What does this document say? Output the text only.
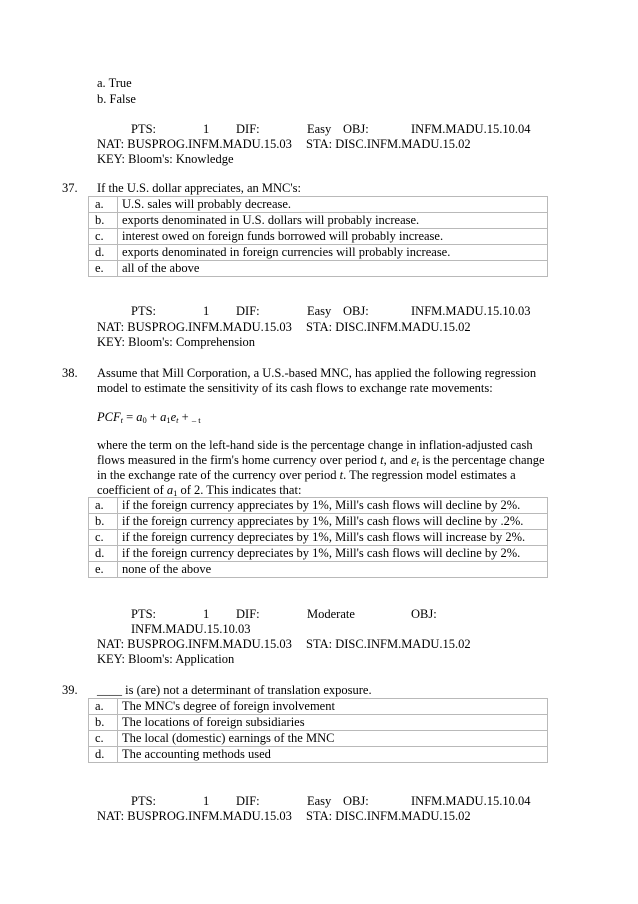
a. True
b. False
PTS:	1 DIF:	Easy OBJ:	INFM.MADU.15.10.04
NAT: BUSPROG.INFM.MADU.15.03 STA: DISC.INFM.MADU.15.02
KEY: Bloom's: Knowledge
37. If the U.S. dollar appreciates, an MNC's:
a.	U.S. sales will probably decrease.
b.	exports denominated in U.S. dollars will probably increase.
c.	interest owed on foreign funds borrowed will probably increase.
d.	exports denominated in foreign currencies will probably increase.
e.	all of the above
PTS:	1 DIF:	Easy OBJ:	INFM.MADU.15.10.03
NAT: BUSPROG.INFM.MADU.15.03 STA: DISC.INFM.MADU.15.02
KEY: Bloom's: Comprehension
38. Assume that Mill Corporation, a U.S.-based MNC, has applied the following regression
model to estimate the sensitivity of its cash flows to exchange rate movements:
$PCF_t = a_0 + a_1e_t + _{- t}$
where the term on the left-hand side is the percentage change in inflation-adjusted cash
flows measured in the firm's home currency over period t, and $e_t$ is the percentage change
in the exchange rate of the currency over period t. The regression model estimates a
coefficient of $a_1$ of 2. This indicates that:
a.	if the foreign currency appreciates by 1%, Mill's cash flows will decline by 2%.
b.	if the foreign currency appreciates by 1%, Mill's cash flows will decline by .2%.
c.	if the foreign currency depreciates by 1%, Mill's cash flows will increase by 2%.
d.	if the foreign currency depreciates by 1%, Mill's cash flows will decline by 2%.
e.	none of the above
PTS:	1 DIF:	Moderate	OBJ:
INFM.MADU.15.10.03
NAT: BUSPROG.INFM.MADU.15.03 STA: DISC.INFM.MADU.15.02
KEY: Bloom's: Application
39. ____ is (are) not a determinant of translation exposure.
a.	The MNC's degree of foreign involvement
b.	The locations of foreign subsidiaries
c.	The local (domestic) earnings of the MNC
d.	The accounting methods used
PTS:	1 DIF:	Easy OBJ:	INFM.MADU.15.10.04
NAT: BUSPROG.INFM.MADU.15.03 STA: DISC.INFM.MADU.15.02
